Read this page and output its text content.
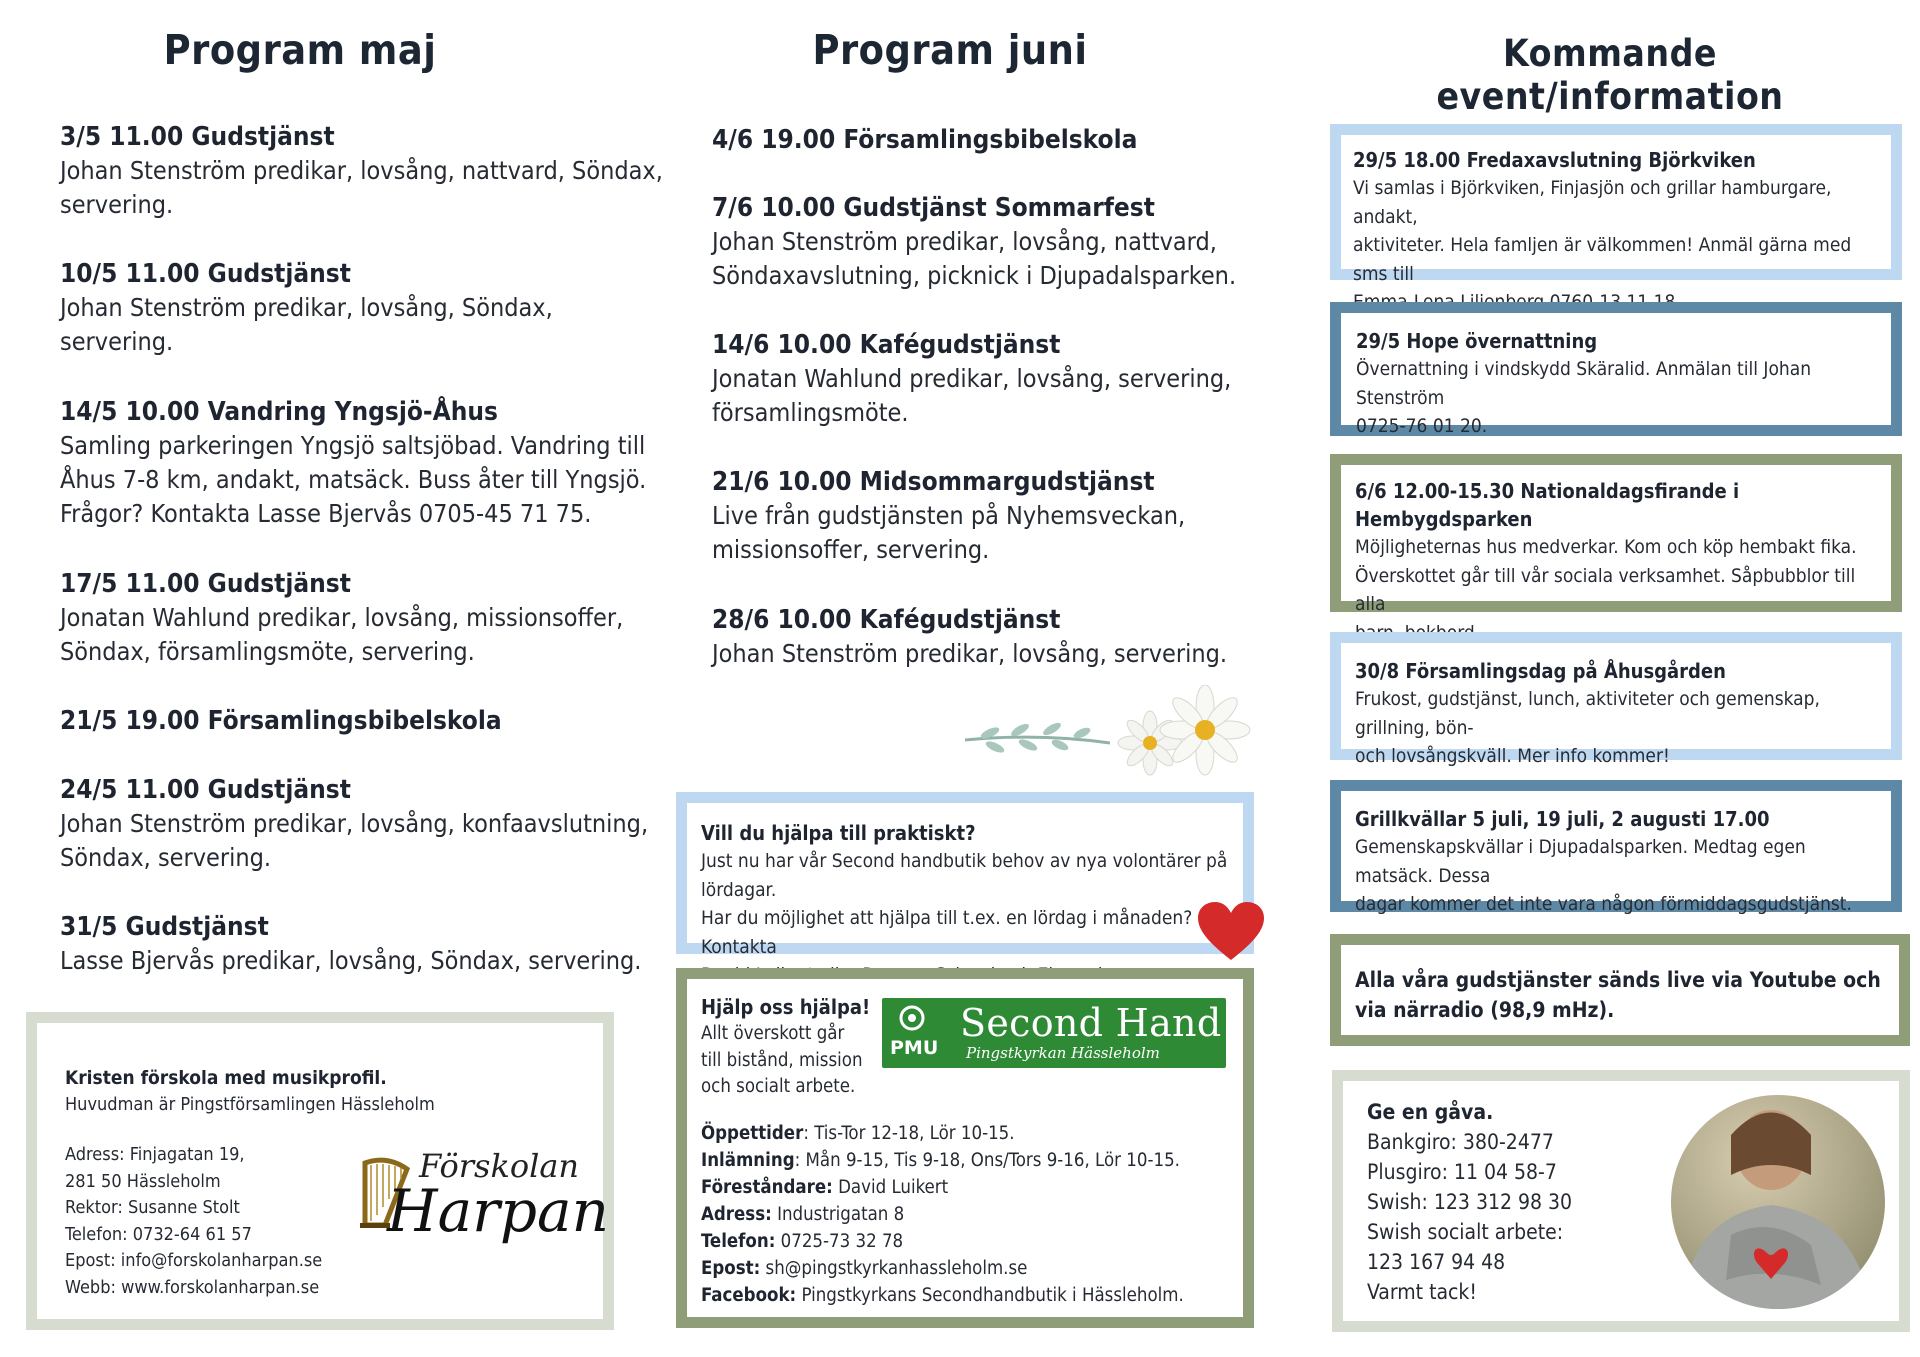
Program maj	Program juni	Kommande event/information
3/5 11.00 Gudstjänst

Johan Stenström predikar, lovsång, nattvard, Söndax,

servering.

10/5 11.00 Gudstjänst

Johan Stenström predikar, lovsång, Söndax,

servering.

14/5 10.00 Vandring Yngsjö-Åhus

Samling parkeringen Yngsjö saltsjöbad. Vandring till

Åhus 7-8 km, andakt, matsäck. Buss åter till Yngsjö.

Frågor? Kontakta Lasse Bjervås 0705-45 71 75.

17/5 11.00 Gudstjänst

Jonatan Wahlund predikar, lovsång, missionsoffer,

Söndax, församlingsmöte, servering.

21/5 19.00 Församlingsbibelskola
24/5 11.00 Gudstjänst

Johan Stenström predikar, lovsång, konfaavslutning,

Söndax, servering.

31/5 Gudstjänst

Lasse Bjervås predikar, lovsång, Söndax, servering.

4/6 19.00 Församlingsbibelskola
7/6 10.00 Gudstjänst Sommarfest

Johan Stenström predikar, lovsång, nattvard,

Söndaxavslutning, picknick i Djupadalsparken.

14/6 10.00 Kafégudstjänst

Jonatan Wahlund predikar, lovsång, servering,

församlingsmöte.

21/6 10.00 Midsommargudstjänst

Live från gudstjänsten på Nyhemsveckan,

missionsoffer, servering.

28/6 10.00 Kafégudstjänst

Johan Stenström predikar, lovsång, servering.

29/5 18.00 Fredaxavslutning Björkviken

Vi samlas i Björkviken, Finjasjön och grillar hamburgare, andakt,

aktiviteter. Hela famljen är välkommen! Anmäl gärna med sms till

29/5 Hope övernattning

Övernattning i vindskydd Skäralid. Anmälan till Johan Stenström

0725-76 01 20.

6/6 12.00-15.30 Nationaldagsfirande i Hembygdsparken

Möjligheternas hus medverkar. Kom och köp hembakt fika.

Överskottet går till vår sociala verksamhet. Såpbubblor till alla

30/8 Församlingsdag på Åhusgården

Frukost, gudstjänst, lunch, aktiviteter och gemenskap, grillning, bön-

och lovsångskväll. Mer info kommer!

Grillkvällar 5 juli, 19 juli, 2 augusti 17.00

Gemenskapskvällar i Djupadalsparken. Medtag egen matsäck. Dessa

dagar kommer det inte vara någon förmiddagsgudstjänst.

Alla våra gudstjänster sänds live via Youtube och
via närradio (98,9 mHz).
Ge en gåva.

Bankgiro: 380-2477

Plusgiro: 11 04 58-7

Swish: 123 312 98 30

Swish socialt arbete:

123 167 94 48

Varmt tack!

Vill du hjälpa till praktiskt?

Just nu har vår Second handbutik behov av nya volontärer på lördagar.

Har du möjlighet att hjälpa till t.ex. en lördag i månaden? Kontakta

Hjälp oss hjälpa!

Allt överskott går

till bistånd, mission

och socialt arbete.

PMU
Second Hand
Pingstkyrkan Hässleholm
Öppettider: Tis-Tor 12-18, Lör 10-15.
Inlämning: Mån 9-15, Tis 9-18, Ons/Tors 9-16, Lör 10-15.
Föreståndare: David Luikert
Adress: Industrigatan 8
Telefon: 0725-73 32 78
Epost: sh@pingstkyrkanhassleholm.se
Facebook: Pingstkyrkans Secondhandbutik i Hässleholm.
Kristen förskola med musikprofil.

Huvudman är Pingstförsamlingen Hässleholm

Adress: Finjagatan 19,

281 50 Hässleholm

Rektor: Susanne Stolt

Telefon: 0732-64 61 57

Epost: info@forskolanharpan.se

Webb: www.forskolanharpan.se

Förskolan
Harpan
